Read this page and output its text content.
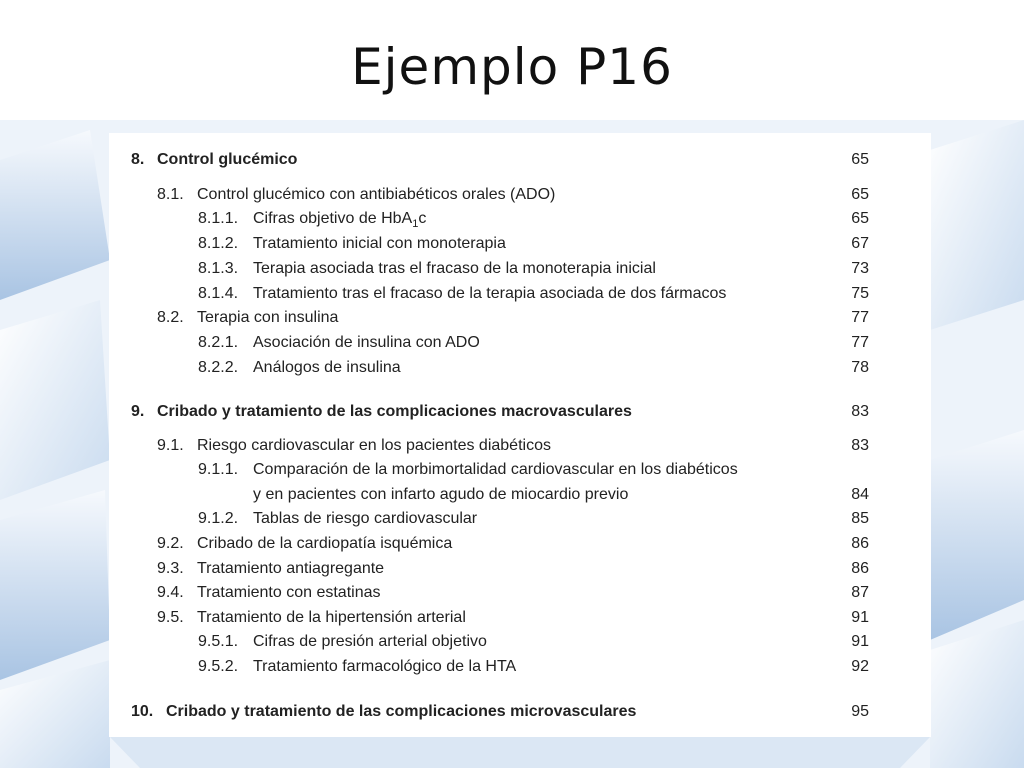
Ejemplo P16
8. Control glucémico	65
8.1. Control glucémico con antibiabéticos orales (ADO)	65
8.1.1. Cifras objetivo de HbA$_1$c	65
8.1.2. Tratamiento inicial con monoterapia	67
8.1.3. Terapia asociada tras el fracaso de la monoterapia inicial	73
8.1.4. Tratamiento tras el fracaso de la terapia asociada de dos fármacos	75
8.2. Terapia con insulina	77
8.2.1. Asociación de insulina con ADO	77
8.2.2. Análogos de insulina	78
9. Cribado y tratamiento de las complicaciones macrovasculares	83
9.1. Riesgo cardiovascular en los pacientes diabéticos	83
9.1.1. Comparación de la morbimortalidad cardiovascular en los diabéticos
y en pacientes con infarto agudo de miocardio previo	84
9.1.2. Tablas de riesgo cardiovascular	85
9.2. Cribado de la cardiopatía isquémica	86
9.3. Tratamiento antiagregante	86
9.4. Tratamiento con estatinas	87
9.5. Tratamiento de la hipertensión arterial	91
9.5.1. Cifras de presión arterial objetivo	91
9.5.2. Tratamiento farmacológico de la HTA	92
10. Cribado y tratamiento de las complicaciones microvasculares	95
